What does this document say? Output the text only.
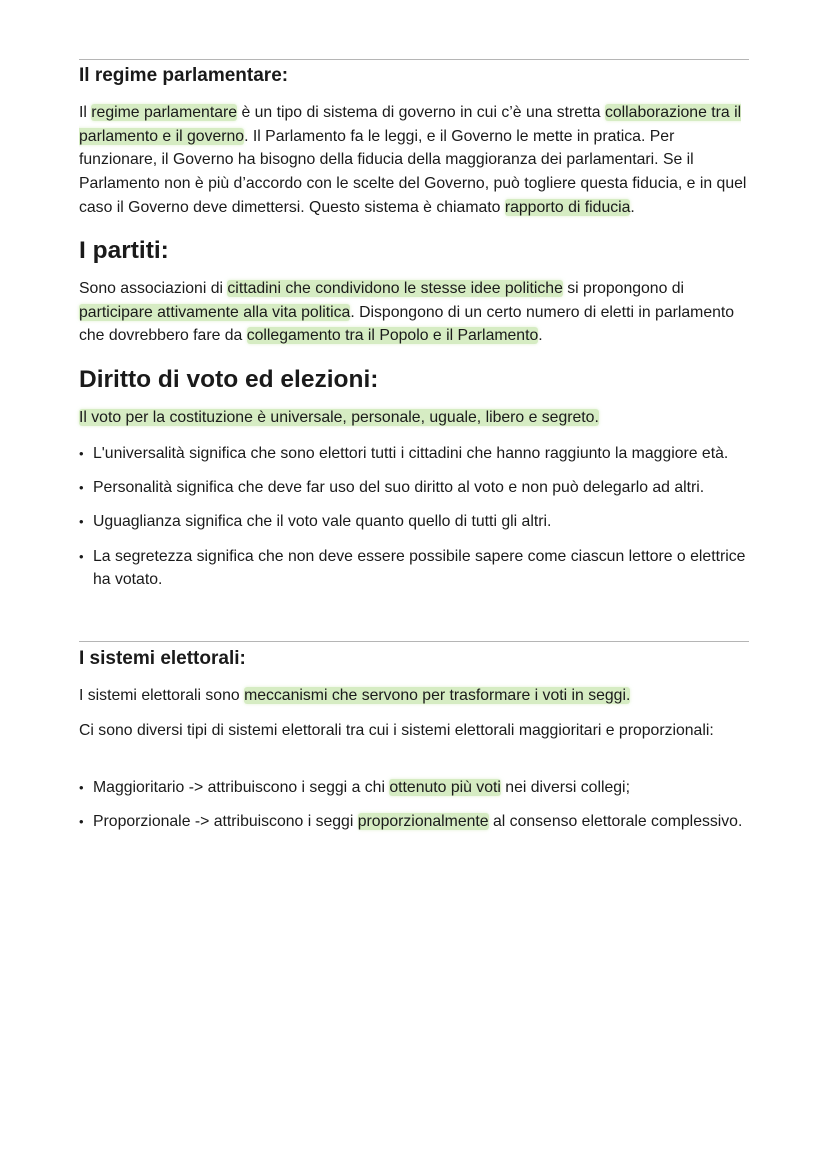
Il regime parlamentare:
Il regime parlamentare è un tipo di sistema di governo in cui c’è una stretta collaborazione tra il parlamento e il governo. Il Parlamento fa le leggi, e il Governo le mette in pratica. Per funzionare, il Governo ha bisogno della fiducia della maggioranza dei parlamentari. Se il Parlamento non è più d’accordo con le scelte del Governo, può togliere questa fiducia, e in quel caso il Governo deve dimettersi. Questo sistema è chiamato rapporto di fiducia.
I partiti:
Sono associazioni di cittadini che condividono le stesse idee politiche si propongono di participare attivamente alla vita politica. Dispongono di un certo numero di eletti in parlamento che dovrebbero fare da collegamento tra il Popolo e il Parlamento.
Diritto di voto ed elezioni:
Il voto per la costituzione è universale, personale, uguale, libero e segreto.
• L'universalità significa che sono elettori tutti i cittadini che hanno raggiunto la maggiore età.
• Personalità significa che deve far uso del suo diritto al voto e non può delegarlo ad altri.
• Uguaglianza significa che il voto vale quanto quello di tutti gli altri.
• La segretezza significa che non deve essere possibile sapere come ciascun lettore o elettrice ha votato.
I sistemi elettorali:
I sistemi elettorali sono meccanismi che servono per trasformare i voti in seggi.
Ci sono diversi tipi di sistemi elettorali tra cui i sistemi elettorali maggioritari e proporzionali:
• Maggioritario -> attribuiscono i seggi a chi ottenuto più voti nei diversi collegi;
• Proporzionale -> attribuiscono i seggi proporzionalmente al consenso elettorale complessivo.
